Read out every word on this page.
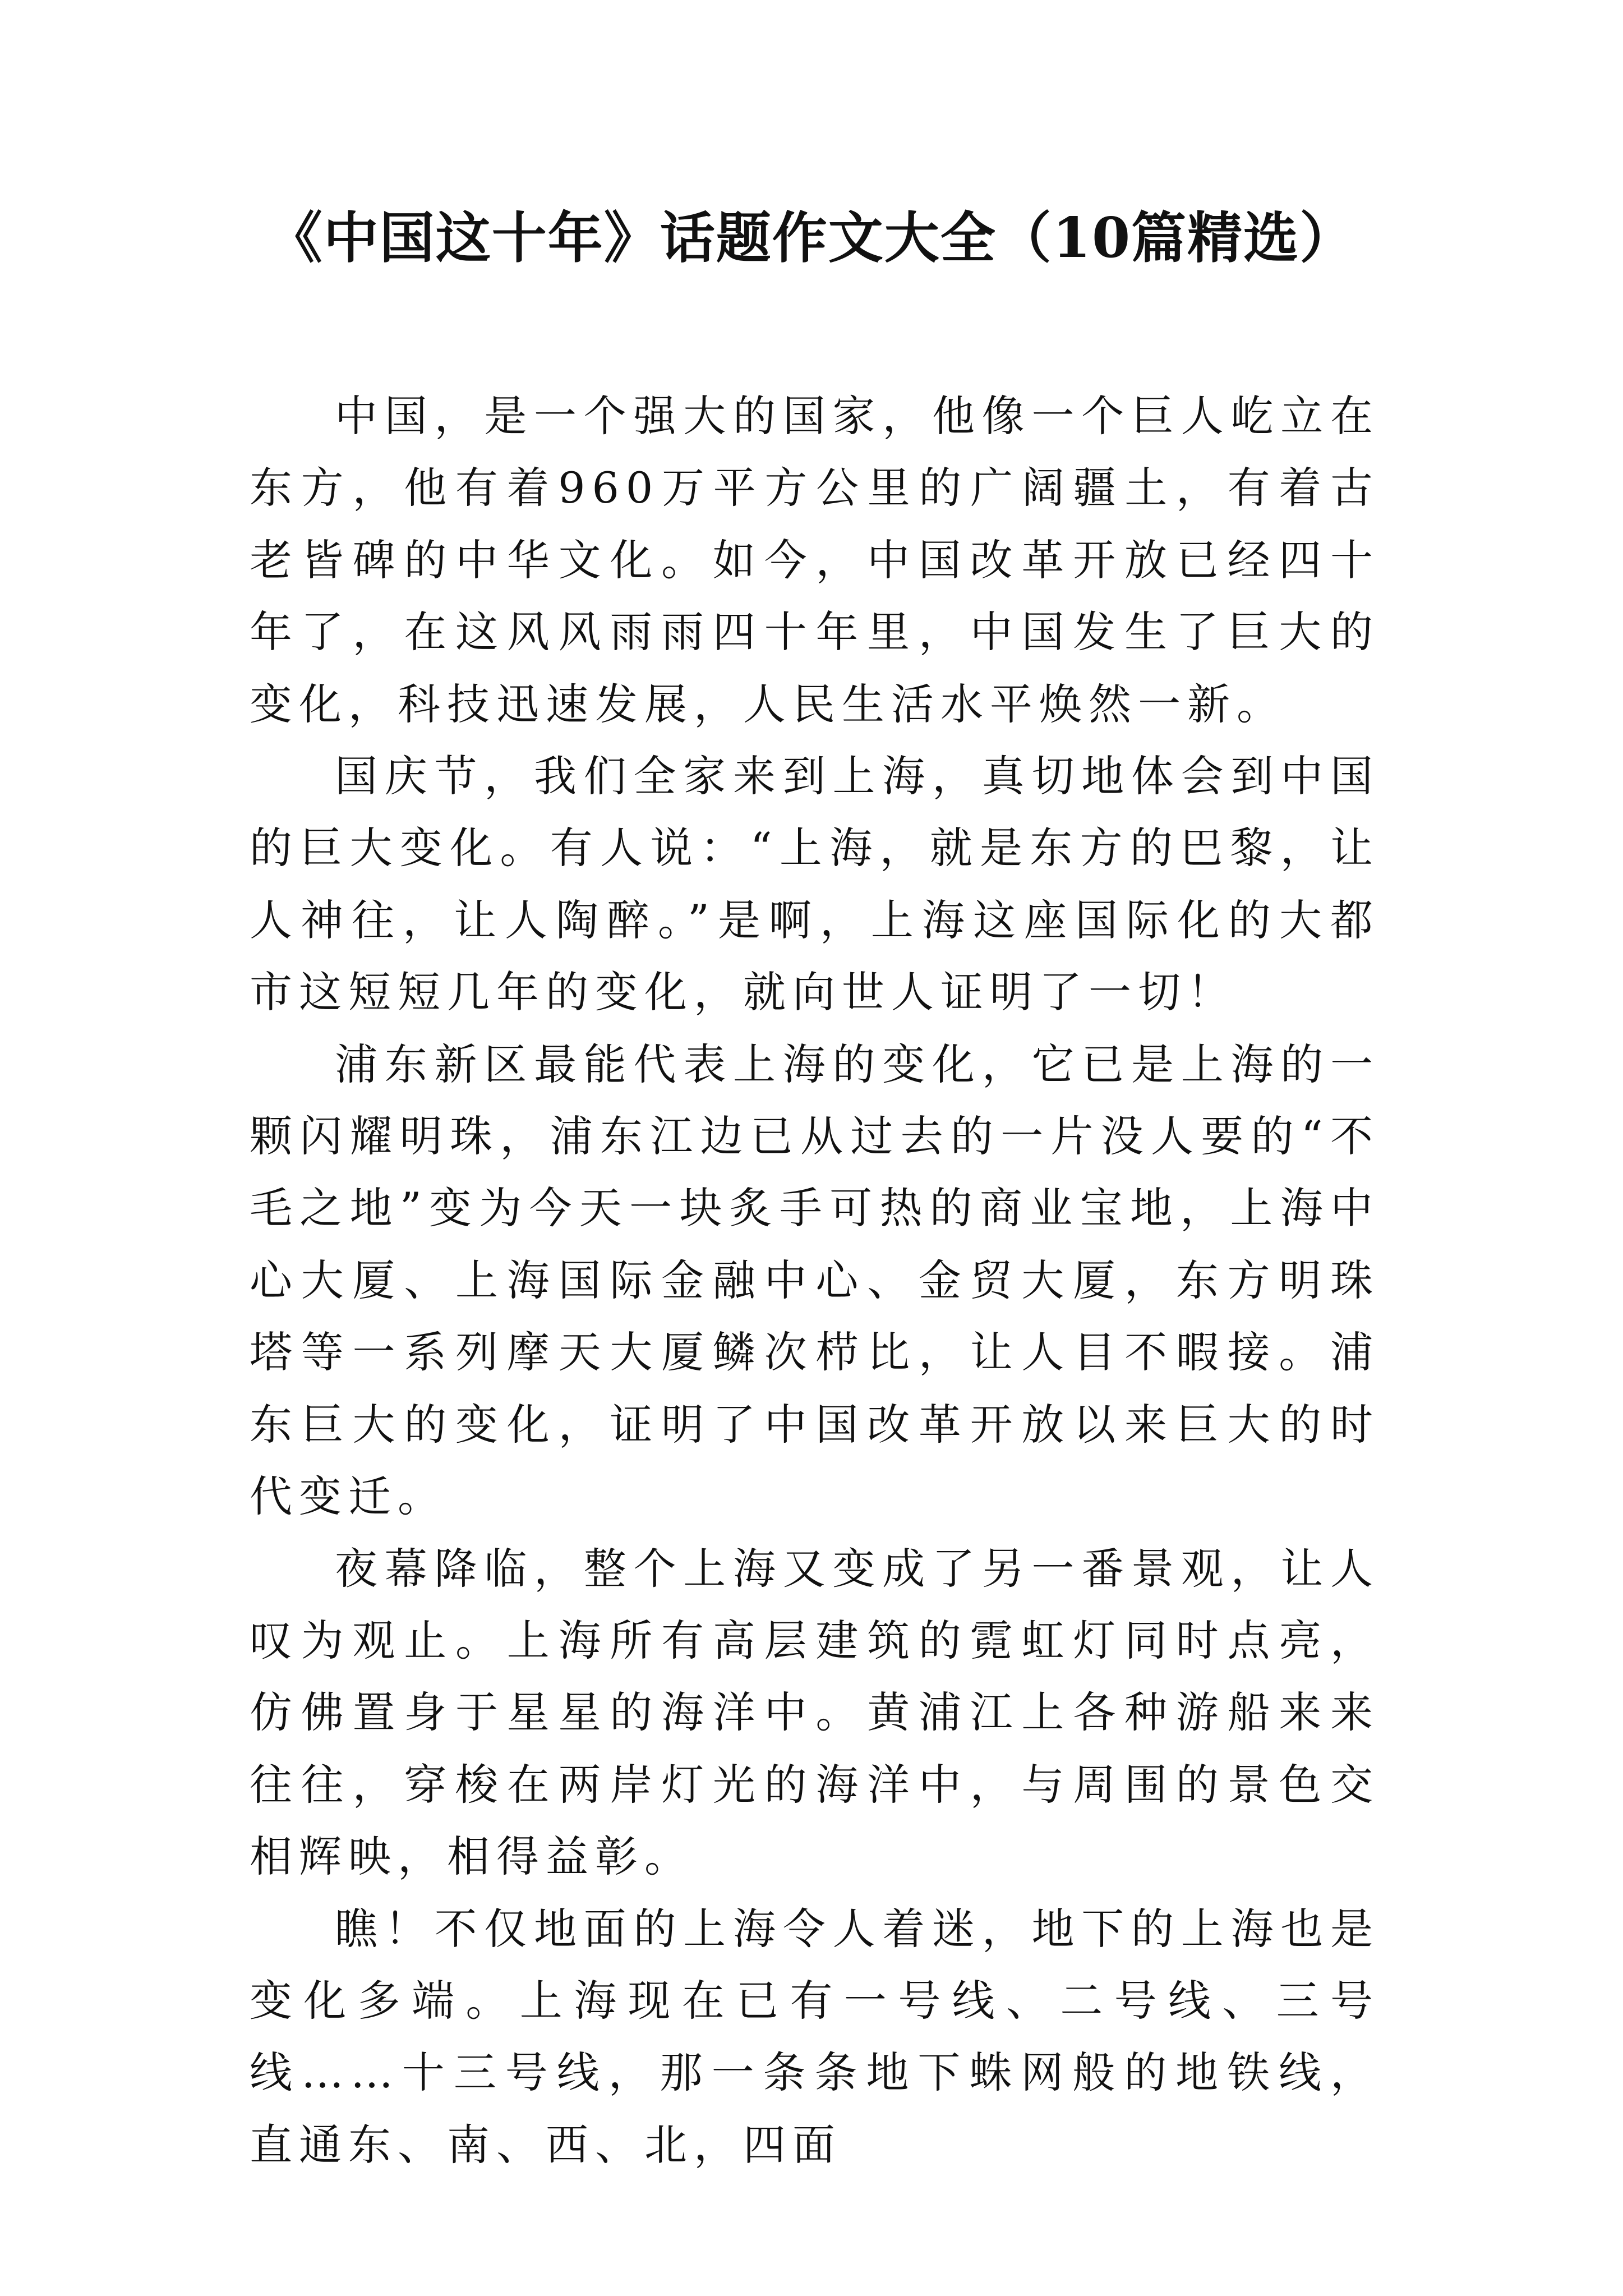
《中国这十年》话题作文大全（10篇精选）

中国，是一个强大的国家，他像一个巨人屹立在东方，他有着960万平方公里的广阔疆土，有着古老皆碑的中华文化。如今，中国改革开放已经四十年了，在这风风雨雨四十年里，中国发生了巨大的变化，科技迅速发展，人民生活水平焕然一新。

国庆节，我们全家来到上海，真切地体会到中国的巨大变化。有人说：“上海，就是东方的巴黎，让人神往，让人陶醉。”是啊，上海这座国际化的大都市这短短几年的变化，就向世人证明了一切！

浦东新区最能代表上海的变化，它已是上海的一颗闪耀明珠，浦东江边已从过去的一片没人要的“不毛之地”变为今天一块炙手可热的商业宝地，上海中心大厦、上海国际金融中心、金贸大厦，东方明珠塔等一系列摩天大厦鳞次栉比，让人目不暇接。浦东巨大的变化，证明了中国改革开放以来巨大的时代变迁。

夜幕降临，整个上海又变成了另一番景观，让人叹为观止。上海所有高层建筑的霓虹灯同时点亮，仿佛置身于星星的海洋中。黄浦江上各种游船来来往往，穿梭在两岸灯光的海洋中，与周围的景色交相辉映，相得益彰。

瞧！不仅地面的上海令人着迷，地下的上海也是变化多端。上海现在已有一号线、二号线、三号线……十三号线，那一条条地下蛛网般的地铁线，直通东、南、西、北，四面
